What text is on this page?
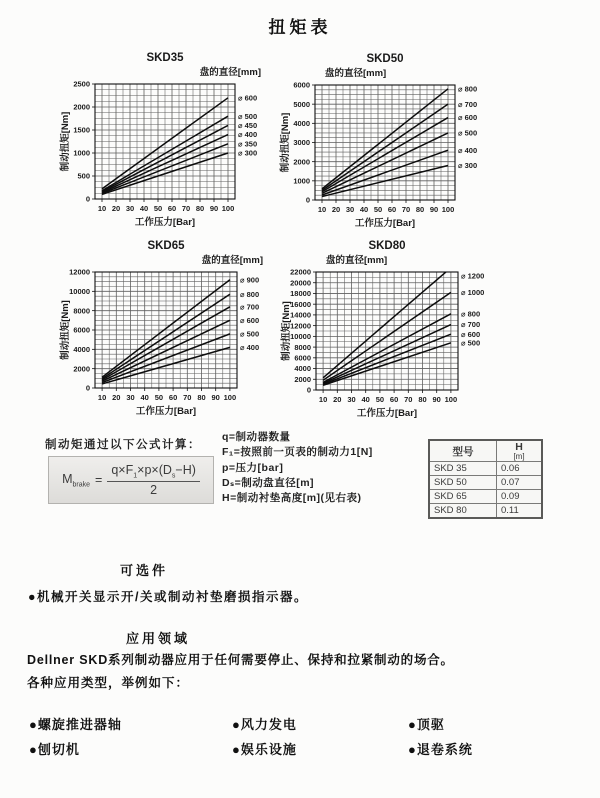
扭矩表
10 20 30 40 50 60 70 80 90 100
0
500
1000
1500
2000
2500
工作压力[Bar]
制动扭矩[Nm]
SKD35
盘的直径[mm]
⌀ 600
⌀ 500
⌀ 450
⌀ 400
⌀ 350
⌀ 300
10 20 30 40 50 60 70 80 90 100
0
1000
2000
3000
4000
5000
6000
工作压力[Bar]
制动扭矩[Nm]
SKD50
盘的直径[mm]
⌀ 800
⌀ 700
⌀ 600
⌀ 500
⌀ 400
⌀ 300
10 20 30 40 50 60 70 80 90 100
0
2000
4000
6000
8000
10000
12000
工作压力[Bar]
制动扭矩[Nm]
SKD65
盘的直径[mm]
⌀ 900
⌀ 800
⌀ 700
⌀ 600
⌀ 500
⌀ 400
10 20 30 40 50 60 70 80 90 100
0
2000
4000
6000
8000
10000
12000
14000
16000
18000
20000
22000
工作压力[Bar]
制动扭矩[Nm]
SKD80
盘的直径[mm]
⌀ 1200
⌀ 1000
⌀ 800
⌀ 700
⌀ 600
⌀ 500
制动矩通过以下公式计算：
$M_{brake} = \frac{q\times F_1\times p\times(D_s-H)}{2}$
q=制动器数量
F₁=按照前一页表的制动力1[N]
p=压力[bar]
Dₛ=制动盘直径[m]
H=制动衬垫高度[m](见右表)
型号	H
[m]

SKD 35	0.06
SKD 50	0.07
SKD 65	0.09
SKD 80	0.11
可选件
●机械开关显示开/关或制动衬垫磨损指示器。
应用领域
Dellner SKD系列制动器应用于任何需要停止、保持和拉紧制动的场合。
各种应用类型，举例如下：
●螺旋推进器轴	●风力发电	●顶驱
●刨切机	●娱乐设施	●退卷系统
